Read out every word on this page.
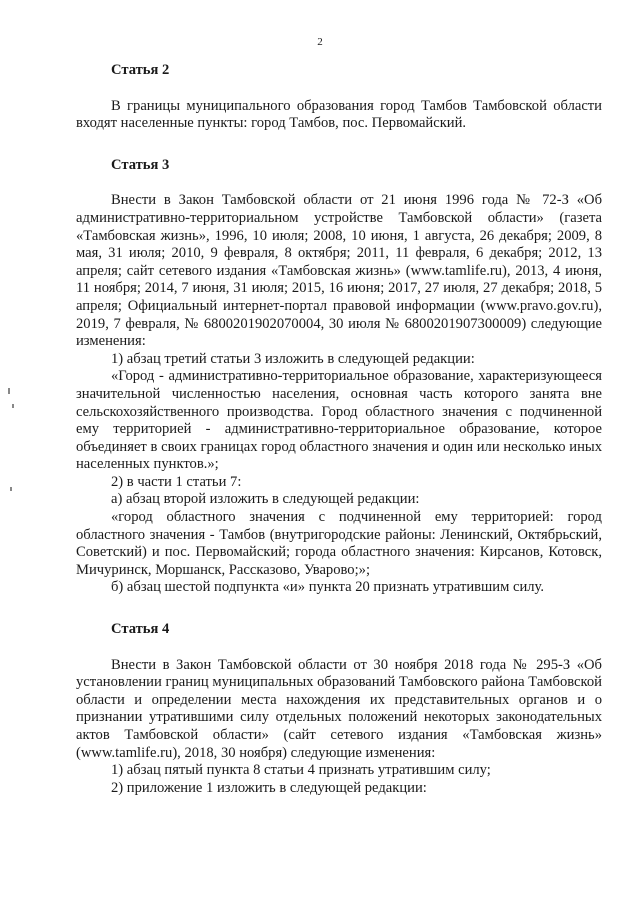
2

Статья 2

В границы муниципального образования город Тамбов Тамбовской области входят населенные пункты: город Тамбов, пос. Первомайский.

Статья 3

Внести в Закон Тамбовской области от 21 июня 1996 года № 72-З «Об административно-территориальном устройстве Тамбовской области» (газета «Тамбовская жизнь», 1996, 10 июля; 2008, 10 июня, 1 августа, 26 декабря; 2009, 8 мая, 31 июля; 2010, 9 февраля, 8 октября; 2011, 11 февраля, 6 декабря; 2012, 13 апреля; сайт сетевого издания «Тамбовская жизнь» (www.tamlife.ru), 2013, 4 июня, 11 ноября; 2014, 7 июня, 31 июля; 2015, 16 июня; 2017, 27 июля, 27 декабря; 2018, 5 апреля; Официальный интернет-портал правовой информации (www.pravo.gov.ru), 2019, 7 февраля, № 6800201902070004, 30 июля № 6800201907300009) следующие изменения:

1) абзац третий статьи 3 изложить в следующей редакции:

«Город - административно-территориальное образование, характеризующееся значительной численностью населения, основная часть которого занята вне сельскохозяйственного производства. Город областного значения с подчиненной ему территорией - административно-территориальное образование, которое объединяет в своих границах город областного значения и один или несколько иных населенных пунктов.»;

2) в части 1 статьи 7:

а) абзац второй изложить в следующей редакции:

«город областного значения с подчиненной ему территорией: город областного значения - Тамбов (внутригородские районы: Ленинский, Октябрьский, Советский) и пос. Первомайский; города областного значения: Кирсанов, Котовск, Мичуринск, Моршанск, Рассказово, Уварово;»;

б) абзац шестой подпункта «и» пункта 20 признать утратившим силу.

Статья 4

Внести в Закон Тамбовской области от 30 ноября 2018 года № 295-З «Об установлении границ муниципальных образований Тамбовского района Тамбовской области и определении места нахождения их представительных органов и о признании утратившими силу отдельных положений некоторых законодательных актов Тамбовской области» (сайт сетевого издания «Тамбовская жизнь» (www.tamlife.ru), 2018, 30 ноября) следующие изменения:

1) абзац пятый пункта 8 статьи 4 признать утратившим силу;

2) приложение 1 изложить в следующей редакции:
